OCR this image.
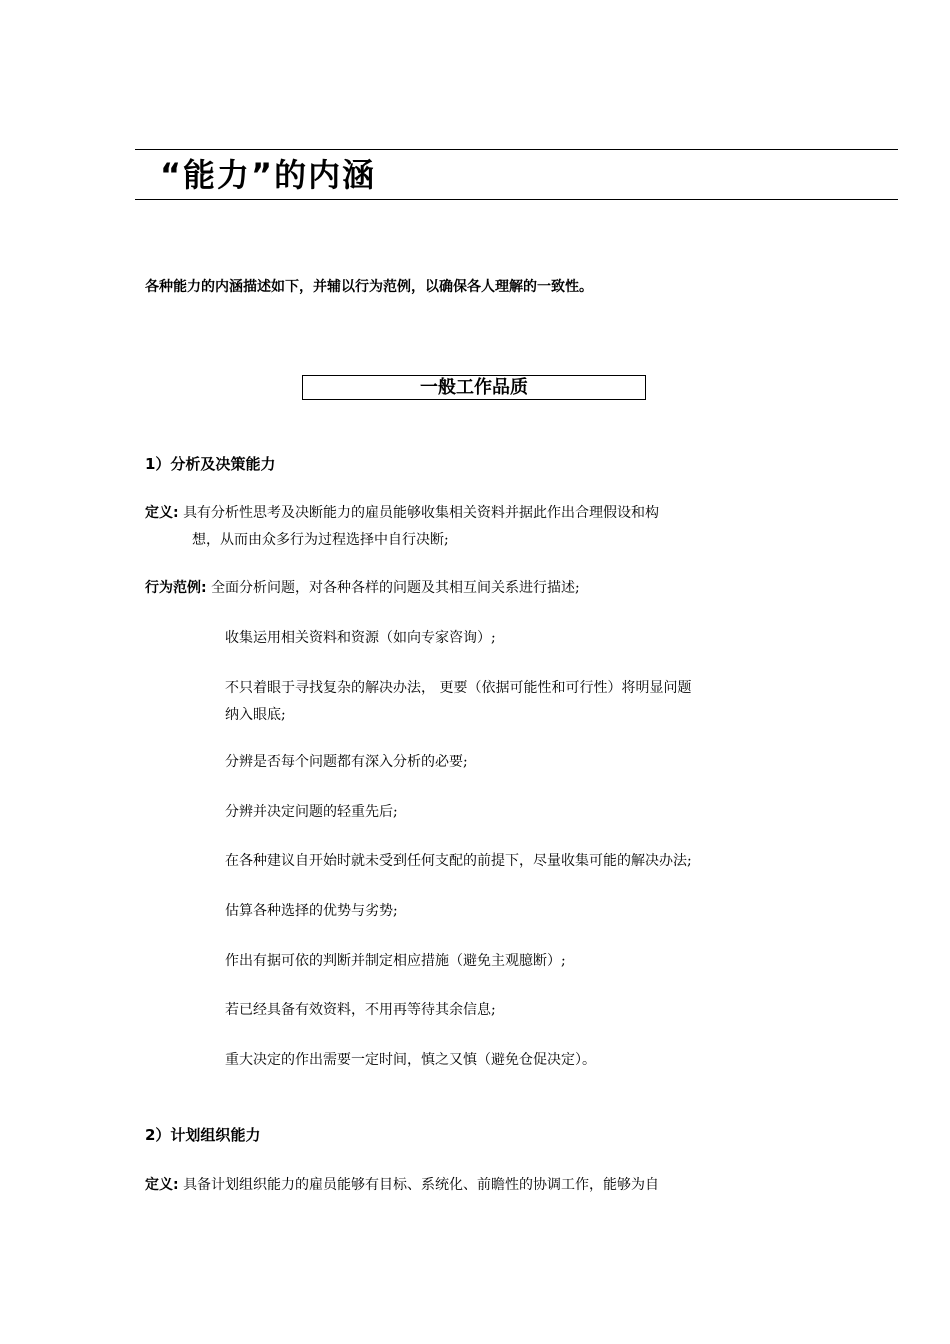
“能力”的内涵
各种能力的内涵描述如下，并辅以行为范例，以确保各人理解的一致性。
一般工作品质
1）分析及决策能力
定义: 具有分析性思考及决断能力的雇员能够收集相关资料并据此作出合理假设和构
想，从而由众多行为过程选择中自行决断;
行为范例: 全面分析问题，对各种各样的问题及其相互间关系进行描述;
收集运用相关资料和资源（如向专家咨询）;
不只着眼于寻找复杂的解决办法， 更要（依据可能性和可行性）将明显问题
纳入眼底;
分辨是否每个问题都有深入分析的必要;
分辨并决定问题的轻重先后;
在各种建议自开始时就未受到任何支配的前提下，尽量收集可能的解决办法;
估算各种选择的优势与劣势;
作出有据可依的判断并制定相应措施（避免主观臆断）;
若已经具备有效资料，不用再等待其余信息;
重大决定的作出需要一定时间，慎之又慎（避免仓促决定）。
2）计划组织能力
定义: 具备计划组织能力的雇员能够有目标、系统化、前瞻性的协调工作，能够为自
